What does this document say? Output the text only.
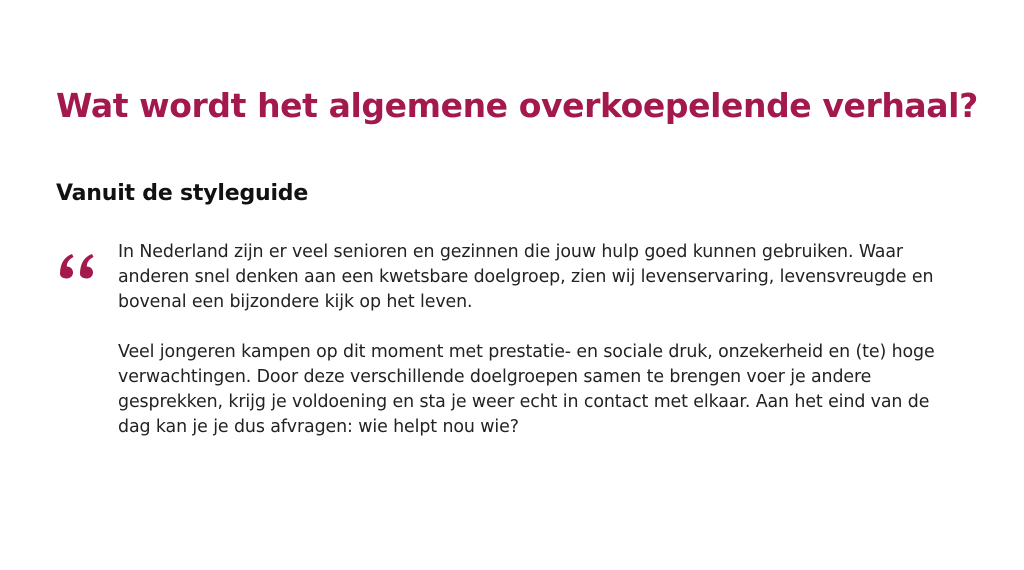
Wat wordt het algemene overkoepelende verhaal?
Vanuit de styleguide

In Nederland zijn er veel senioren en gezinnen die jouw hulp goed kunnen gebruiken. Waar anderen snel denken aan een kwetsbare doelgroep, zien wij levenservaring, levensvreugde en bovenal een bijzondere kijk op het leven.

Veel jongeren kampen op dit moment met prestatie- en sociale druk, onzekerheid en (te) hoge verwachtingen. Door deze verschillende doelgroepen samen te brengen voer je andere gesprekken, krijg je voldoening en sta je weer echt in contact met elkaar. Aan het eind van de dag kan je je dus afvragen: wie helpt nou wie?
